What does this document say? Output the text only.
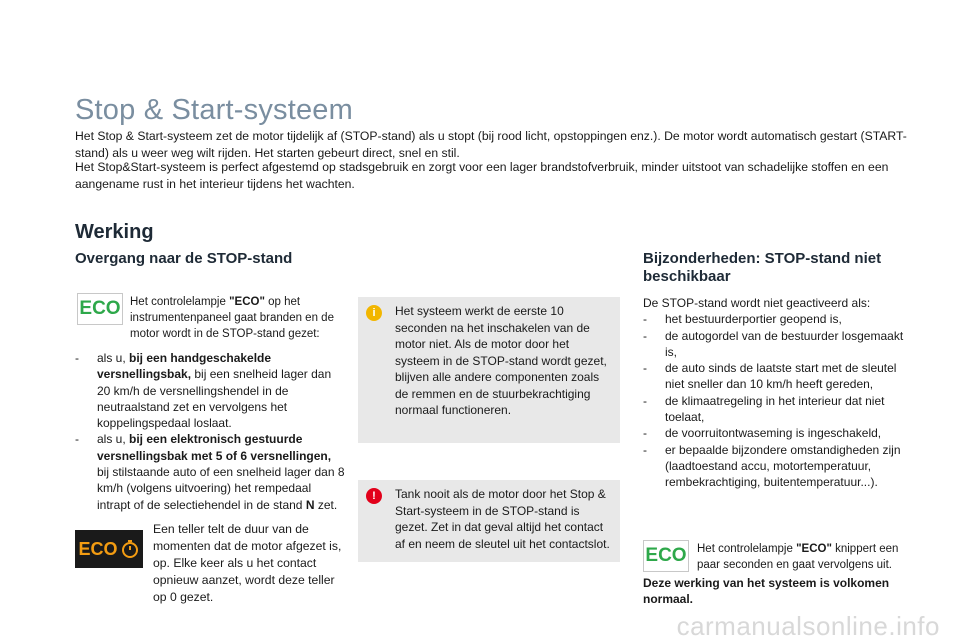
Stop & Start-systeem
Het Stop & Start-systeem zet de motor tijdelijk af (STOP-stand) als u stopt (bij rood licht, opstoppingen enz.). De motor wordt automatisch gestart (START-stand) als u weer weg wilt rijden. Het starten gebeurt direct, snel en stil.
Het Stop&Start-systeem is perfect afgestemd op stadsgebruik en zorgt voor een lager brandstofverbruik, minder uitstoot van schadelijke stoffen en een aangename rust in het interieur tijdens het wachten.
Werking
Overgang naar de STOP-stand
ECO Het controlelampje "ECO" op het instrumentenpaneel gaat branden en de motor wordt in de STOP-stand gezet:
- als u, bij een handgeschakelde versnellingsbak, bij een snelheid lager dan 20 km/h de versnellingshendel in de neutraalstand zet en vervolgens het koppelingspedaal loslaat.
- als u, bij een elektronisch gestuurde versnellingsbak met 5 of 6 versnellingen, bij stilstaande auto of een snelheid lager dan 8 km/h (volgens uitvoering) het rempedaal intrapt of de selectiehendel in de stand N zet.
ECO
Een teller telt de duur van de momenten dat de motor afgezet is, op. Elke keer als u het contact opnieuw aanzet, wordt deze teller op 0 gezet.
i	Het systeem werkt de eerste 10 seconden na het inschakelen van de motor niet. Als de motor door het systeem in de STOP-stand wordt gezet, blijven alle andere componenten zoals de remmen en de stuurbekrachtiging normaal functioneren.
!	Tank nooit als de motor door het Stop & Start-systeem in de STOP-stand is gezet. Zet in dat geval altijd het contact af en neem de sleutel uit het contactslot.
Bijzonderheden: STOP-stand niet beschikbaar
De STOP-stand wordt niet geactiveerd als:
- het bestuurderportier geopend is,
- de autogordel van de bestuurder losgemaakt is,
- de auto sinds de laatste start met de sleutel niet sneller dan 10 km/h heeft gereden,
- de klimaatregeling in het interieur dat niet toelaat,
- de voorruitontwaseming is ingeschakeld,
- er bepaalde bijzondere omstandigheden zijn (laadtoestand accu, motortemperatuur, rembekrachtiging, buitentemperatuur...).
ECO Het controlelampje "ECO" knippert een paar seconden en gaat vervolgens uit.
Deze werking van het systeem is volkomen normaal.
carmanualsonline.info
